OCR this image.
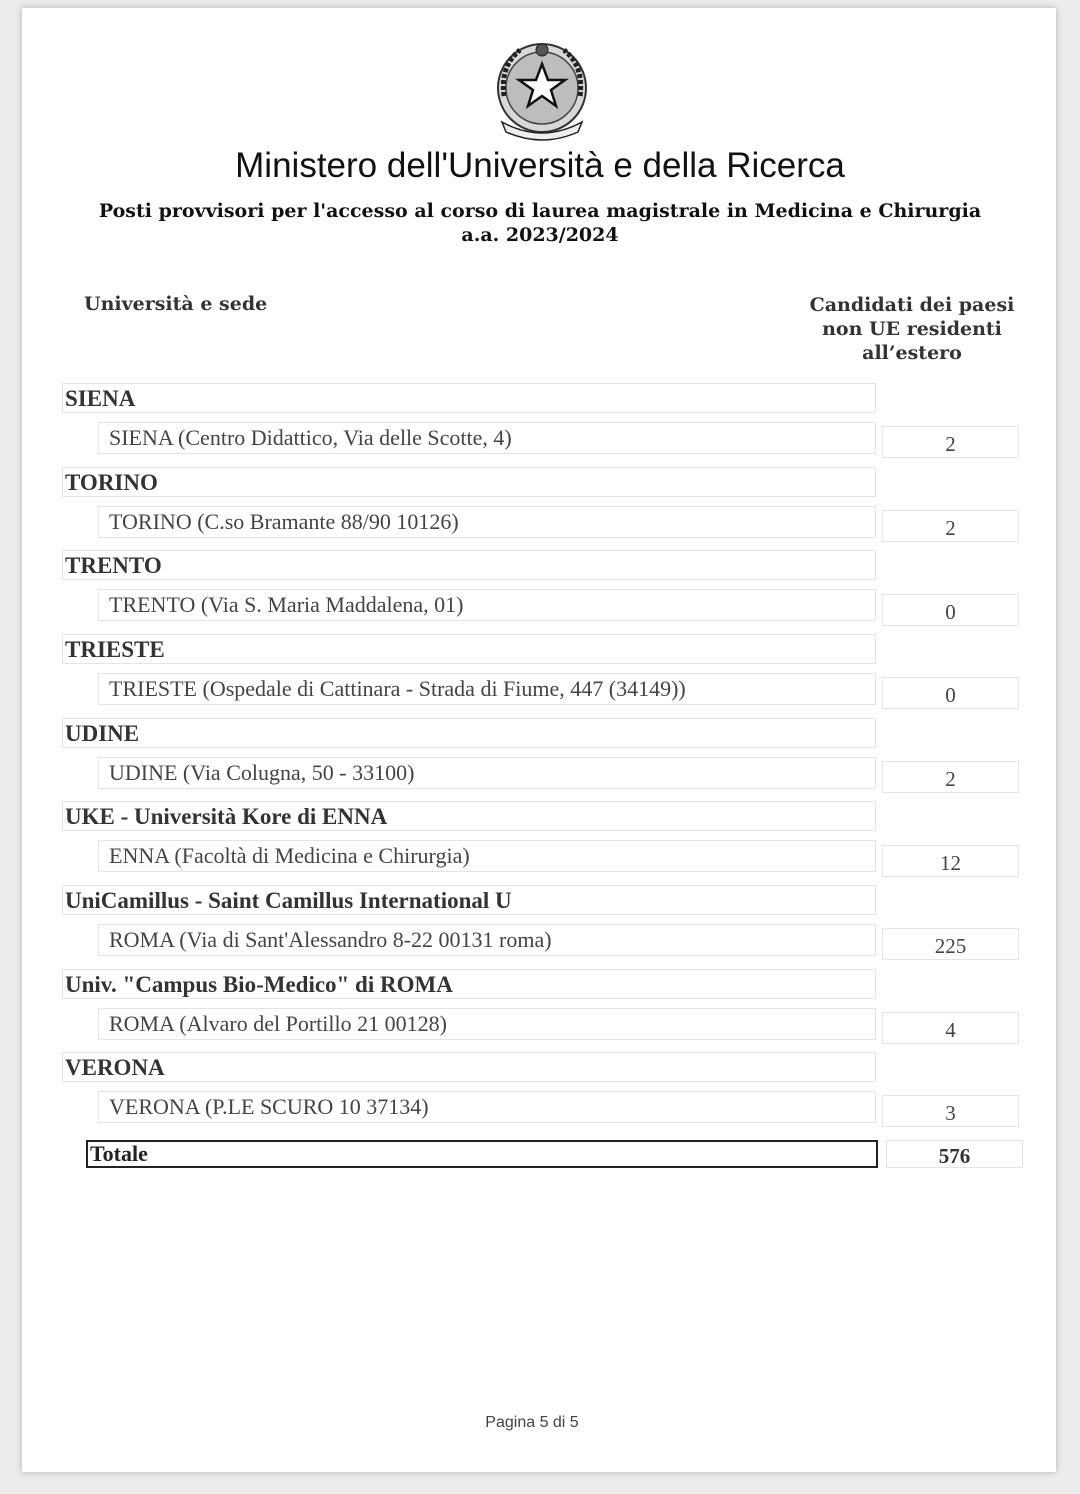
Ministero dell'Università e della Ricerca
Posti provvisori per l'accesso al corso di laurea magistrale in Medicina e Chirurgia
a.a. 2023/2024
Università e sede	Candidati dei paesi
non UE residenti
all’estero
SIENA
SIENA (Centro Didattico, Via delle Scotte, 4)	2
TORINO
TORINO (C.so Bramante 88/90 10126)	2
TRENTO
TRENTO (Via S. Maria Maddalena, 01)	0
TRIESTE
TRIESTE (Ospedale di Cattinara - Strada di Fiume, 447 (34149))	0
UDINE
UDINE (Via Colugna, 50 - 33100)	2
UKE - Università Kore di ENNA
ENNA (Facoltà di Medicina e Chirurgia)	12
UniCamillus - Saint Camillus International U
ROMA (Via di Sant'Alessandro 8-22 00131 roma)	225
Univ. "Campus Bio-Medico" di ROMA
ROMA (Alvaro del Portillo 21 00128)	4
VERONA
VERONA (P.LE SCURO 10 37134)	3
Totale	576
Pagina 5 di 5
